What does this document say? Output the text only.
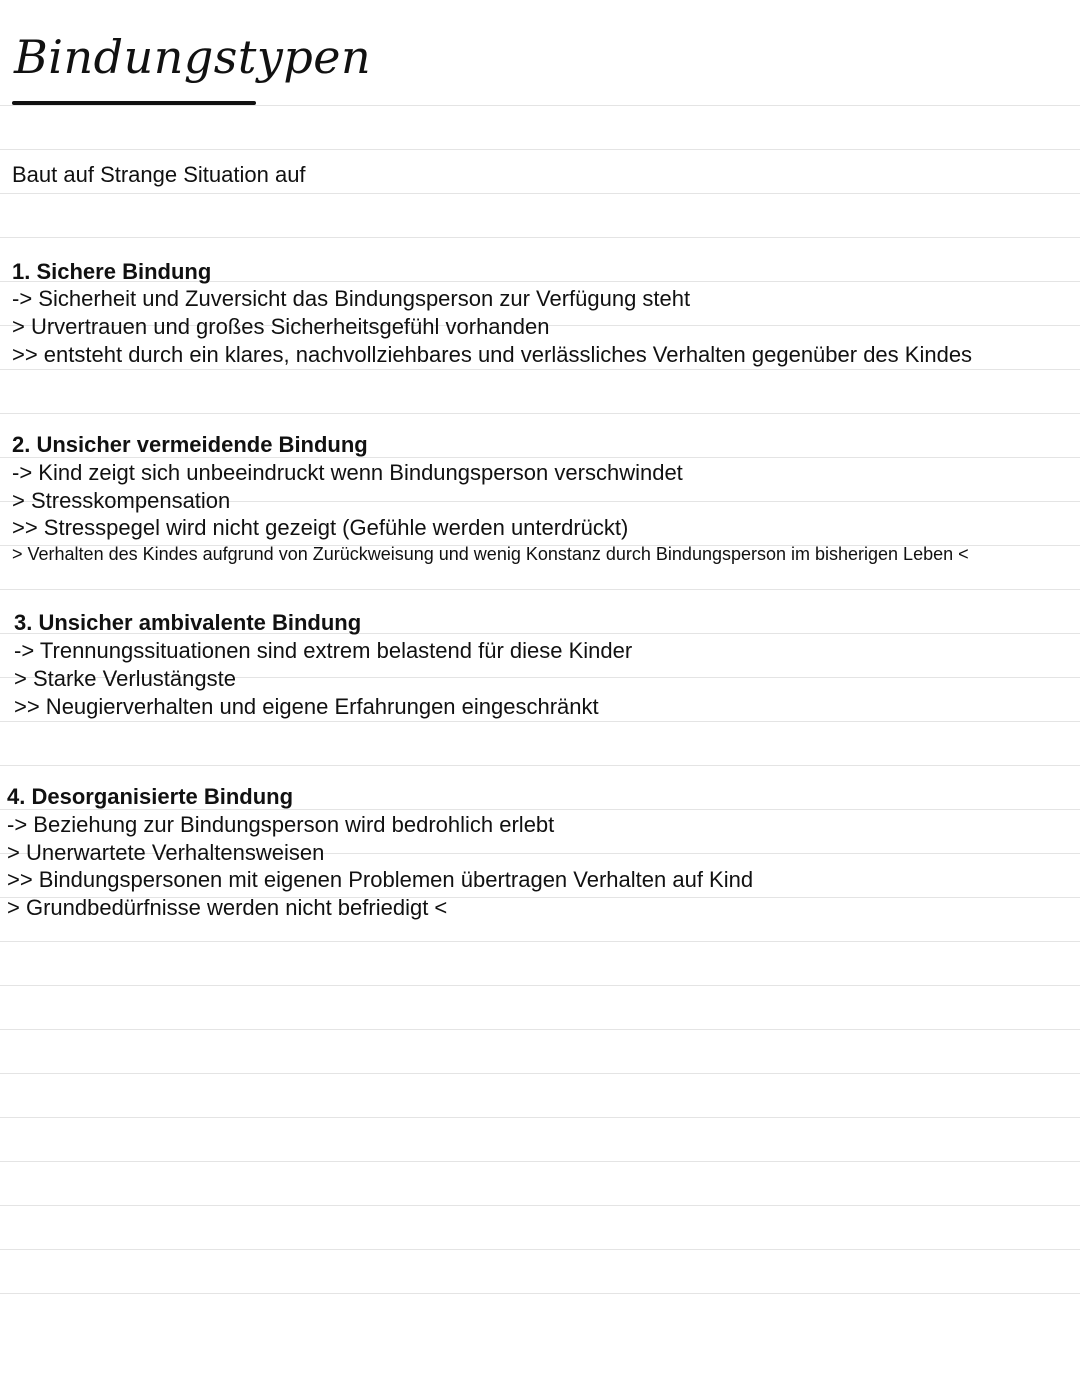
Bindungstypen
Baut auf Strange Situation auf
1. Sichere Bindung
-> Sicherheit und Zuversicht das Bindungsperson zur Verfügung steht
> Urvertrauen und großes Sicherheitsgefühl vorhanden
>> entsteht durch ein klares, nachvollziehbares und verlässliches Verhalten gegenüber des Kindes
2. Unsicher vermeidende Bindung
-> Kind zeigt sich unbeeindruckt wenn Bindungsperson verschwindet
> Stresskompensation
>> Stresspegel wird nicht gezeigt (Gefühle werden unterdrückt)
> Verhalten des Kindes aufgrund von Zurückweisung und wenig Konstanz durch Bindungsperson im bisherigen Leben <
3. Unsicher ambivalente Bindung
-> Trennungssituationen sind extrem belastend für diese Kinder
> Starke Verlustängste
>> Neugierverhalten und eigene Erfahrungen eingeschränkt
4. Desorganisierte Bindung
-> Beziehung zur Bindungsperson wird bedrohlich erlebt
> Unerwartete Verhaltensweisen
>> Bindungspersonen mit eigenen Problemen übertragen Verhalten auf Kind
> Grundbedürfnisse werden nicht befriedigt <
